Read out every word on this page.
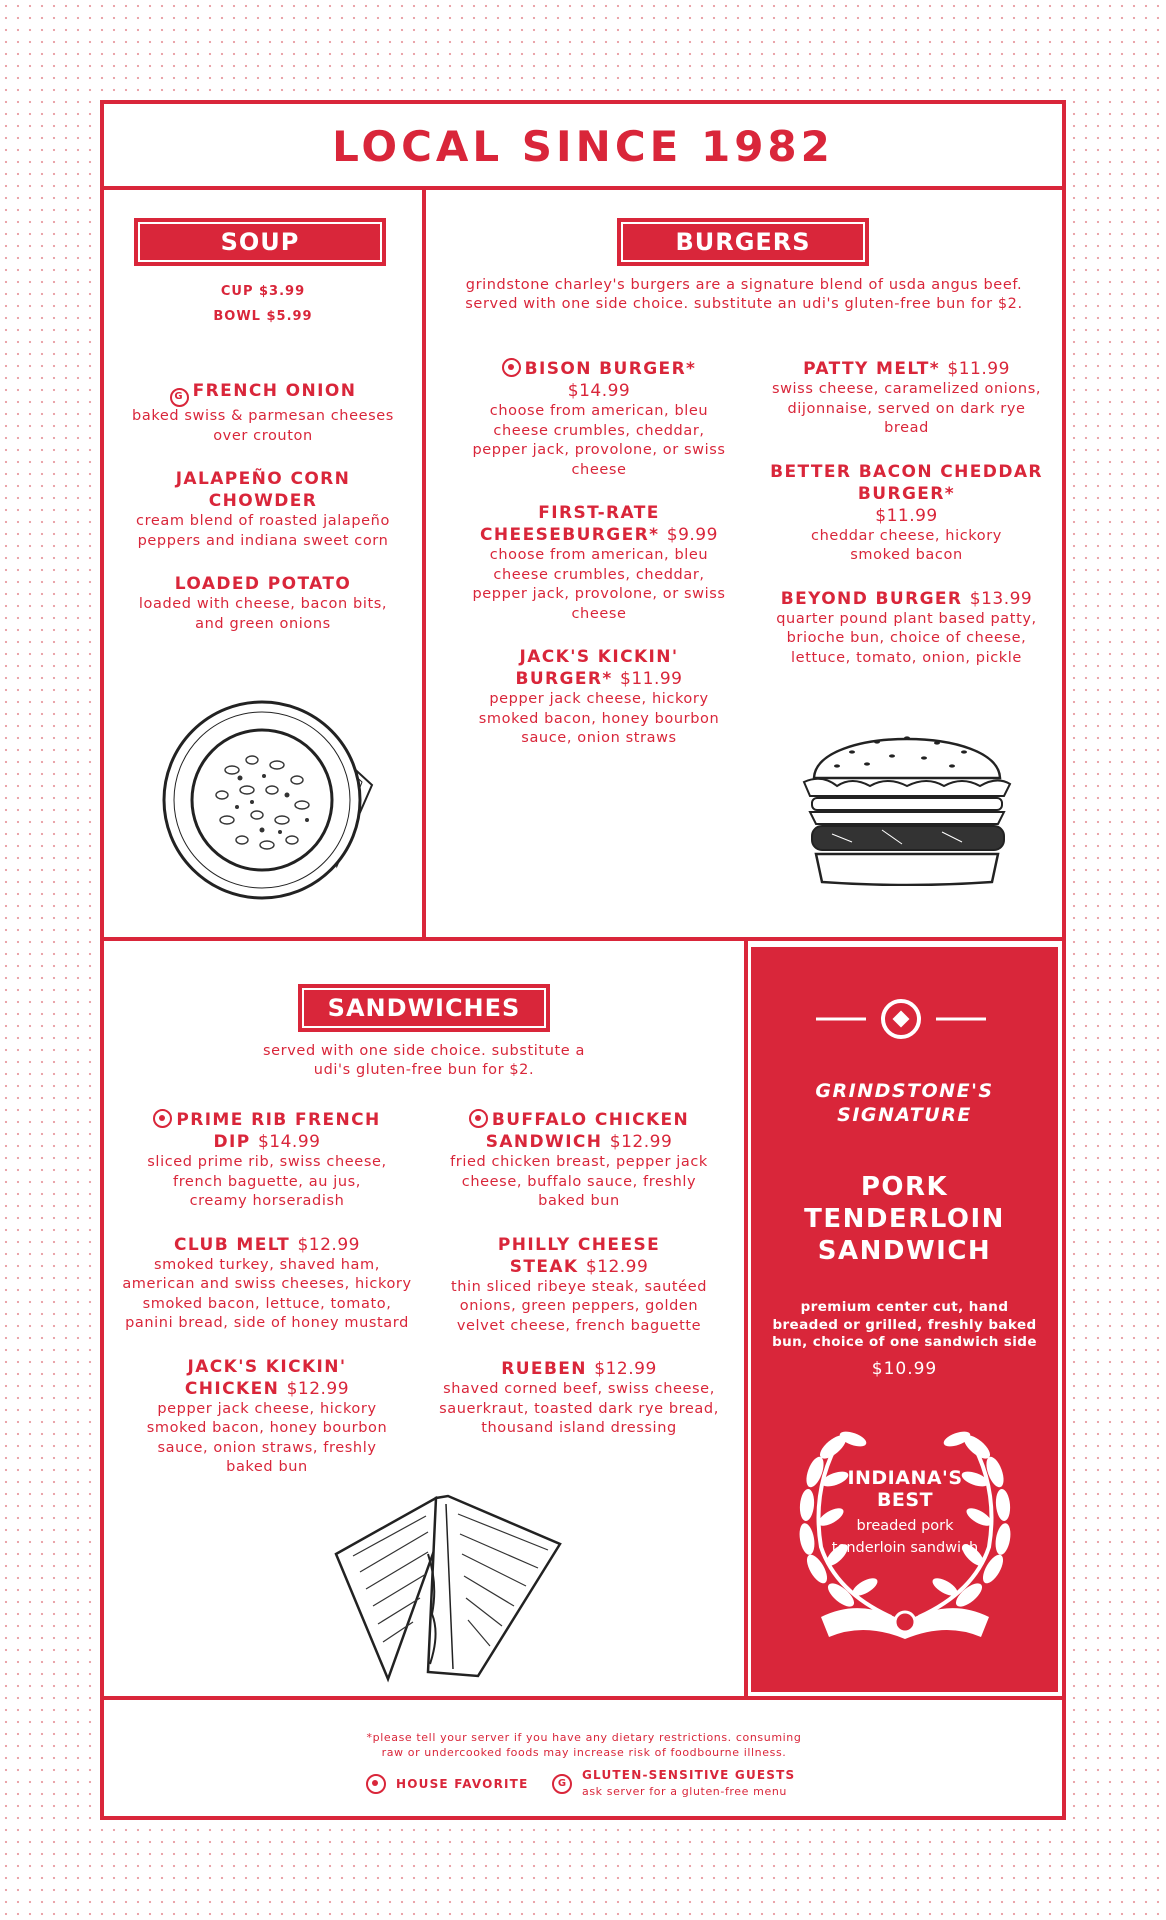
LOCAL SINCE 1982
SOUP
CUP $3.99
BOWL $5.99
G FRENCH ONION
baked swiss & parmesan cheeses over crouton
JALAPEÑO CORN CHOWDER
cream blend of roasted jalapeño peppers and indiana sweet corn
LOADED POTATO
loaded with cheese, bacon bits, and green onions
BURGERS
grindstone charley's burgers are a signature blend of usda angus beef. served with one side choice. substitute an udi's gluten-free bun for $2.
BISON BURGER*
$14.99
choose from american, bleu cheese crumbles, cheddar, pepper jack, provolone, or swiss cheese
FIRST-RATE CHEESEBURGER* $9.99
choose from american, bleu cheese crumbles, cheddar, pepper jack, provolone, or swiss cheese
JACK'S KICKIN' BURGER* $11.99
pepper jack cheese, hickory smoked bacon, honey bourbon sauce, onion straws
PATTY MELT* $11.99
swiss cheese, caramelized onions, dijonnaise, served on dark rye bread
BETTER BACON CHEDDAR BURGER*
$11.99
cheddar cheese, hickory smoked bacon
BEYOND BURGER $13.99
quarter pound plant based patty, brioche bun, choice of cheese, lettuce, tomato, onion, pickle
SANDWICHES
served with one side choice. substitute a udi's gluten-free bun for $2.
PRIME RIB FRENCH DIP $14.99
sliced prime rib, swiss cheese, french baguette, au jus, creamy horseradish
CLUB MELT $12.99
smoked turkey, shaved ham, american and swiss cheeses, hickory smoked bacon, lettuce, tomato, panini bread, side of honey mustard
JACK'S KICKIN' CHICKEN $12.99
pepper jack cheese, hickory smoked bacon, honey bourbon sauce, onion straws, freshly baked bun
BUFFALO CHICKEN SANDWICH $12.99
fried chicken breast, pepper jack cheese, buffalo sauce, freshly baked bun
PHILLY CHEESE STEAK $12.99
thin sliced ribeye steak, sautéed onions, green peppers, golden velvet cheese, french baguette
RUEBEN $12.99
shaved corned beef, swiss cheese, sauerkraut, toasted dark rye bread, thousand island dressing
GRINDSTONE'S SIGNATURE
PORK TENDERLOIN SANDWICH
premium center cut, hand breaded or grilled, freshly baked bun, choice of one sandwich side
$10.99
INDIANA'S BEST
breaded pork tenderloin sandwich
*please tell your server if you have any dietary restrictions. consuming raw or undercooked foods may increase risk of foodbourne illness.
HOUSE FAVORITE	G
GLUTEN-SENSITIVE GUESTS
ask server for a gluten-free menu
